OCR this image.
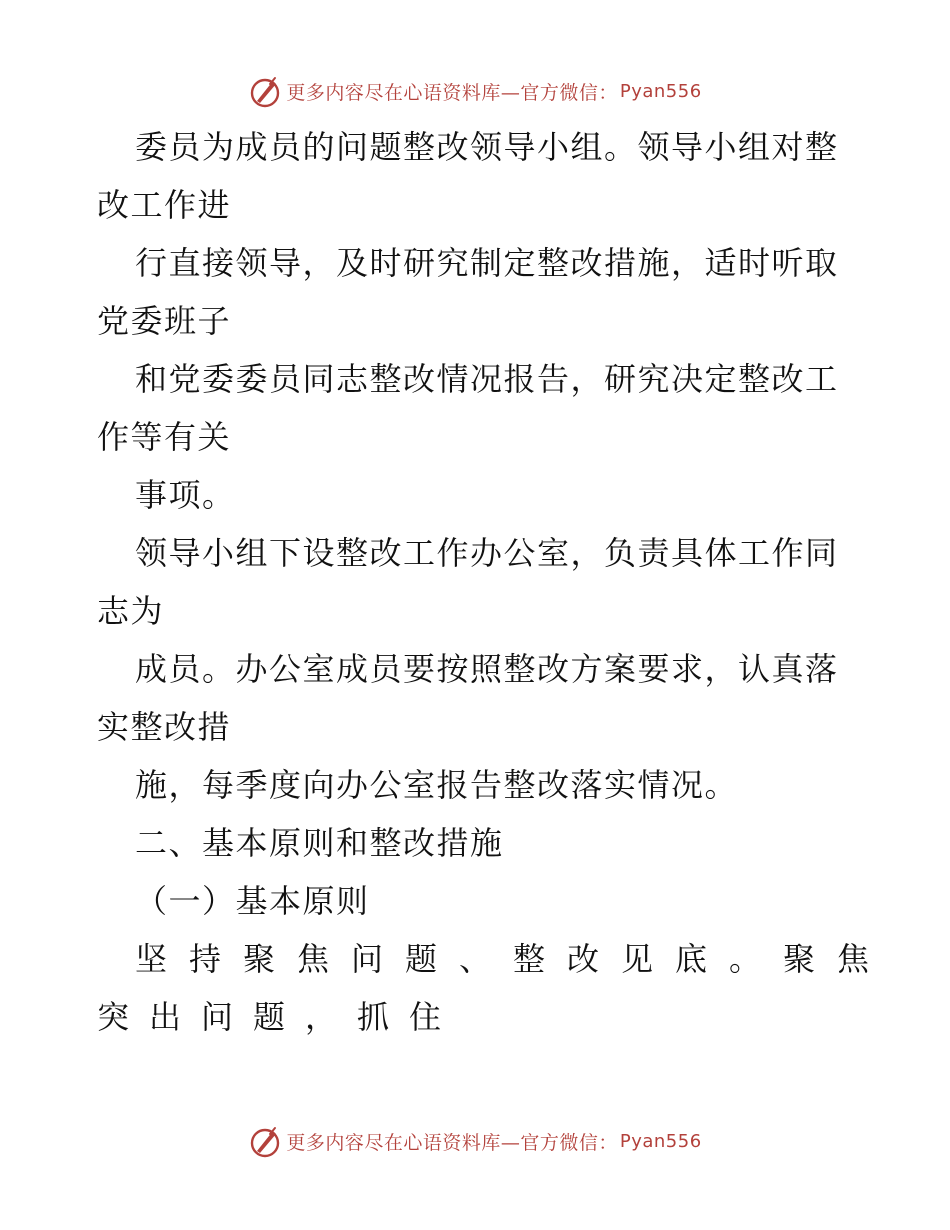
更多内容尽在心语资料库—官方微信： Pyan556
委员为成员的问题整改领导小组。领导小组对整
改工作进
行直接领导，及时研究制定整改措施，适时听取
党委班子
和党委委员同志整改情况报告，研究决定整改工
作等有关
事项。
领导小组下设整改工作办公室，负责具体工作同
志为
成员。办公室成员要按照整改方案要求，认真落
实整改措
施，每季度向办公室报告整改落实情况。
二、基本原则和整改措施
（一）基本原则
坚持聚焦问题、整改见底。聚焦
突出问题，抓住
更多内容尽在心语资料库—官方微信： Pyan556
